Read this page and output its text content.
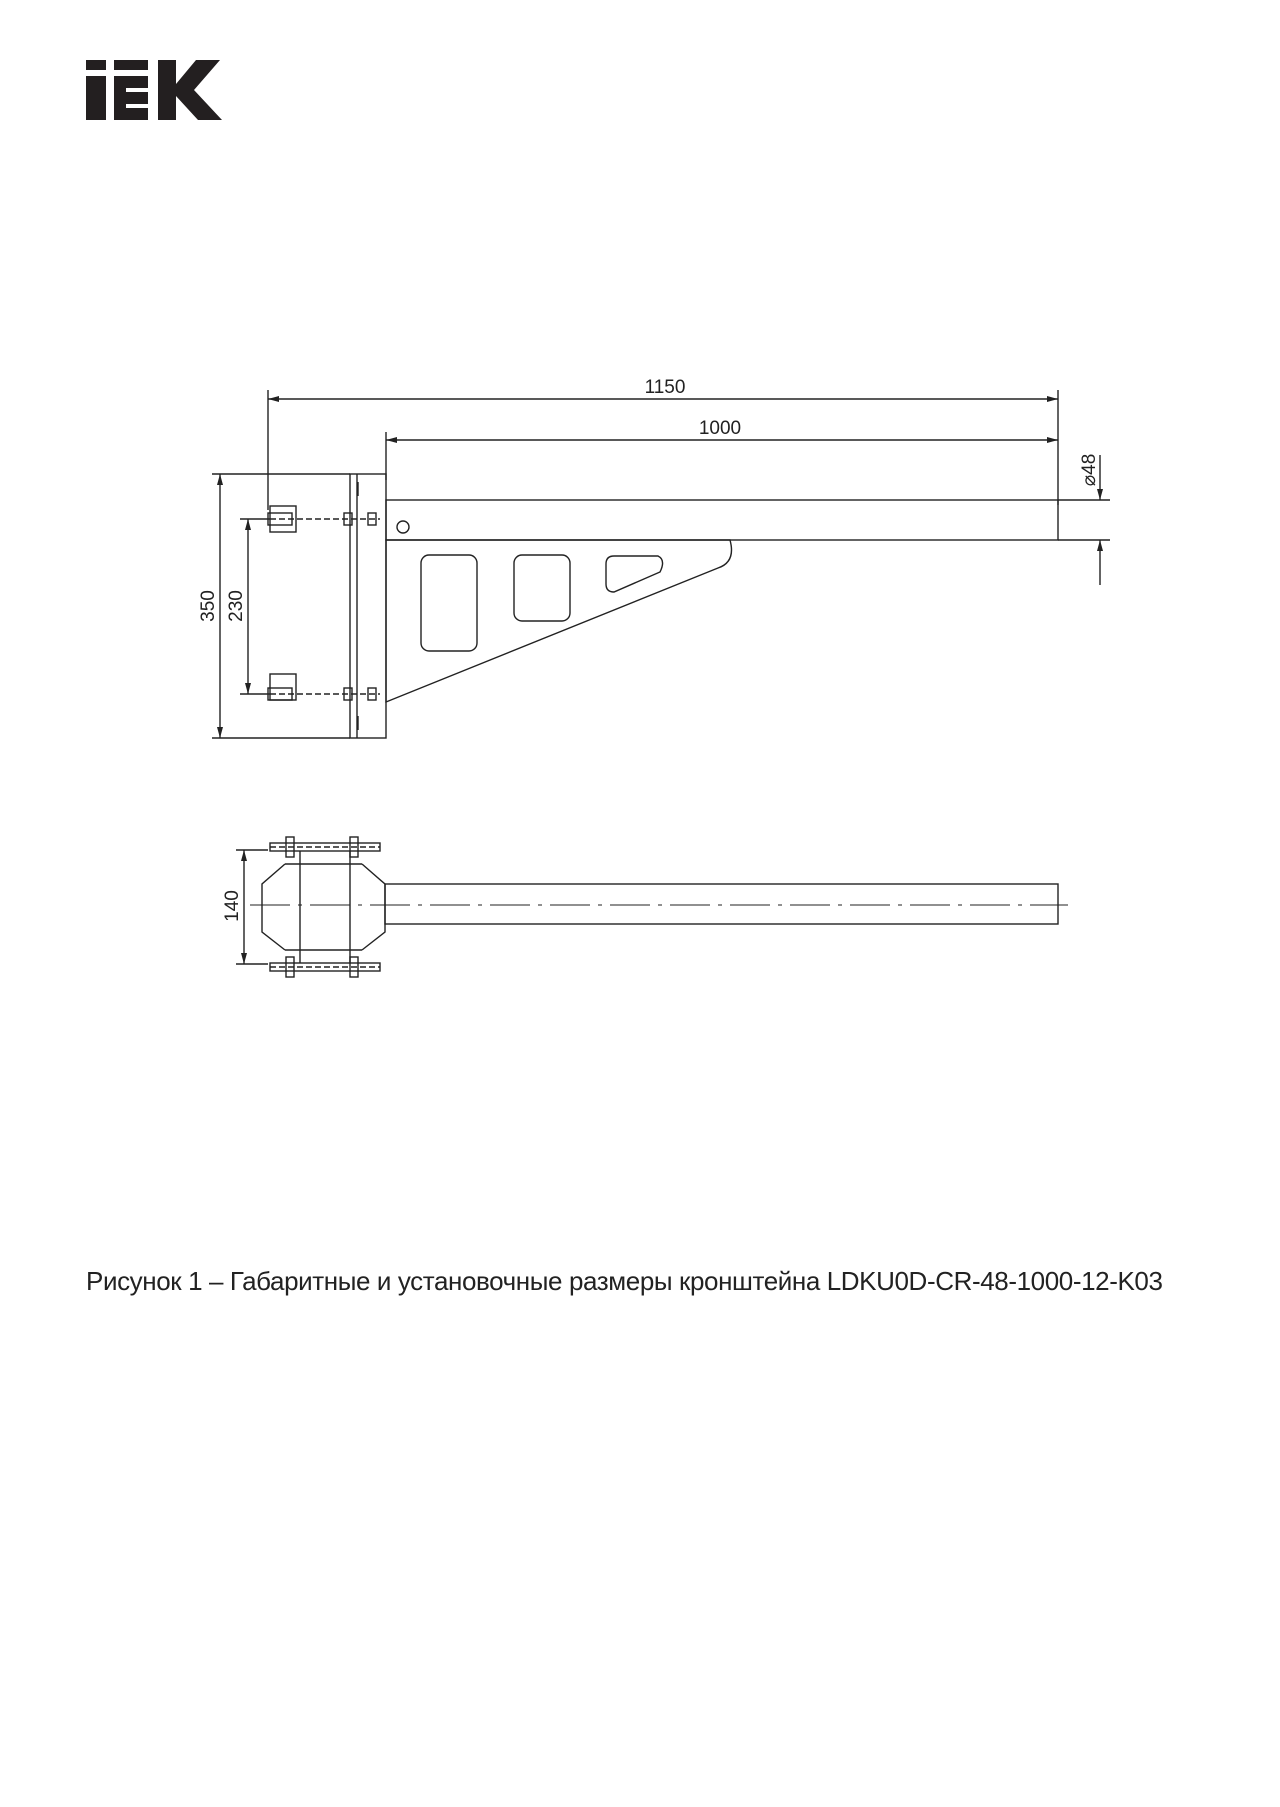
1150
1000
⌀48
350 230
140
Рисунок 1 – Габаритные и установочные размеры кронштейна LDKU0D-CR-48-1000-12-K03
